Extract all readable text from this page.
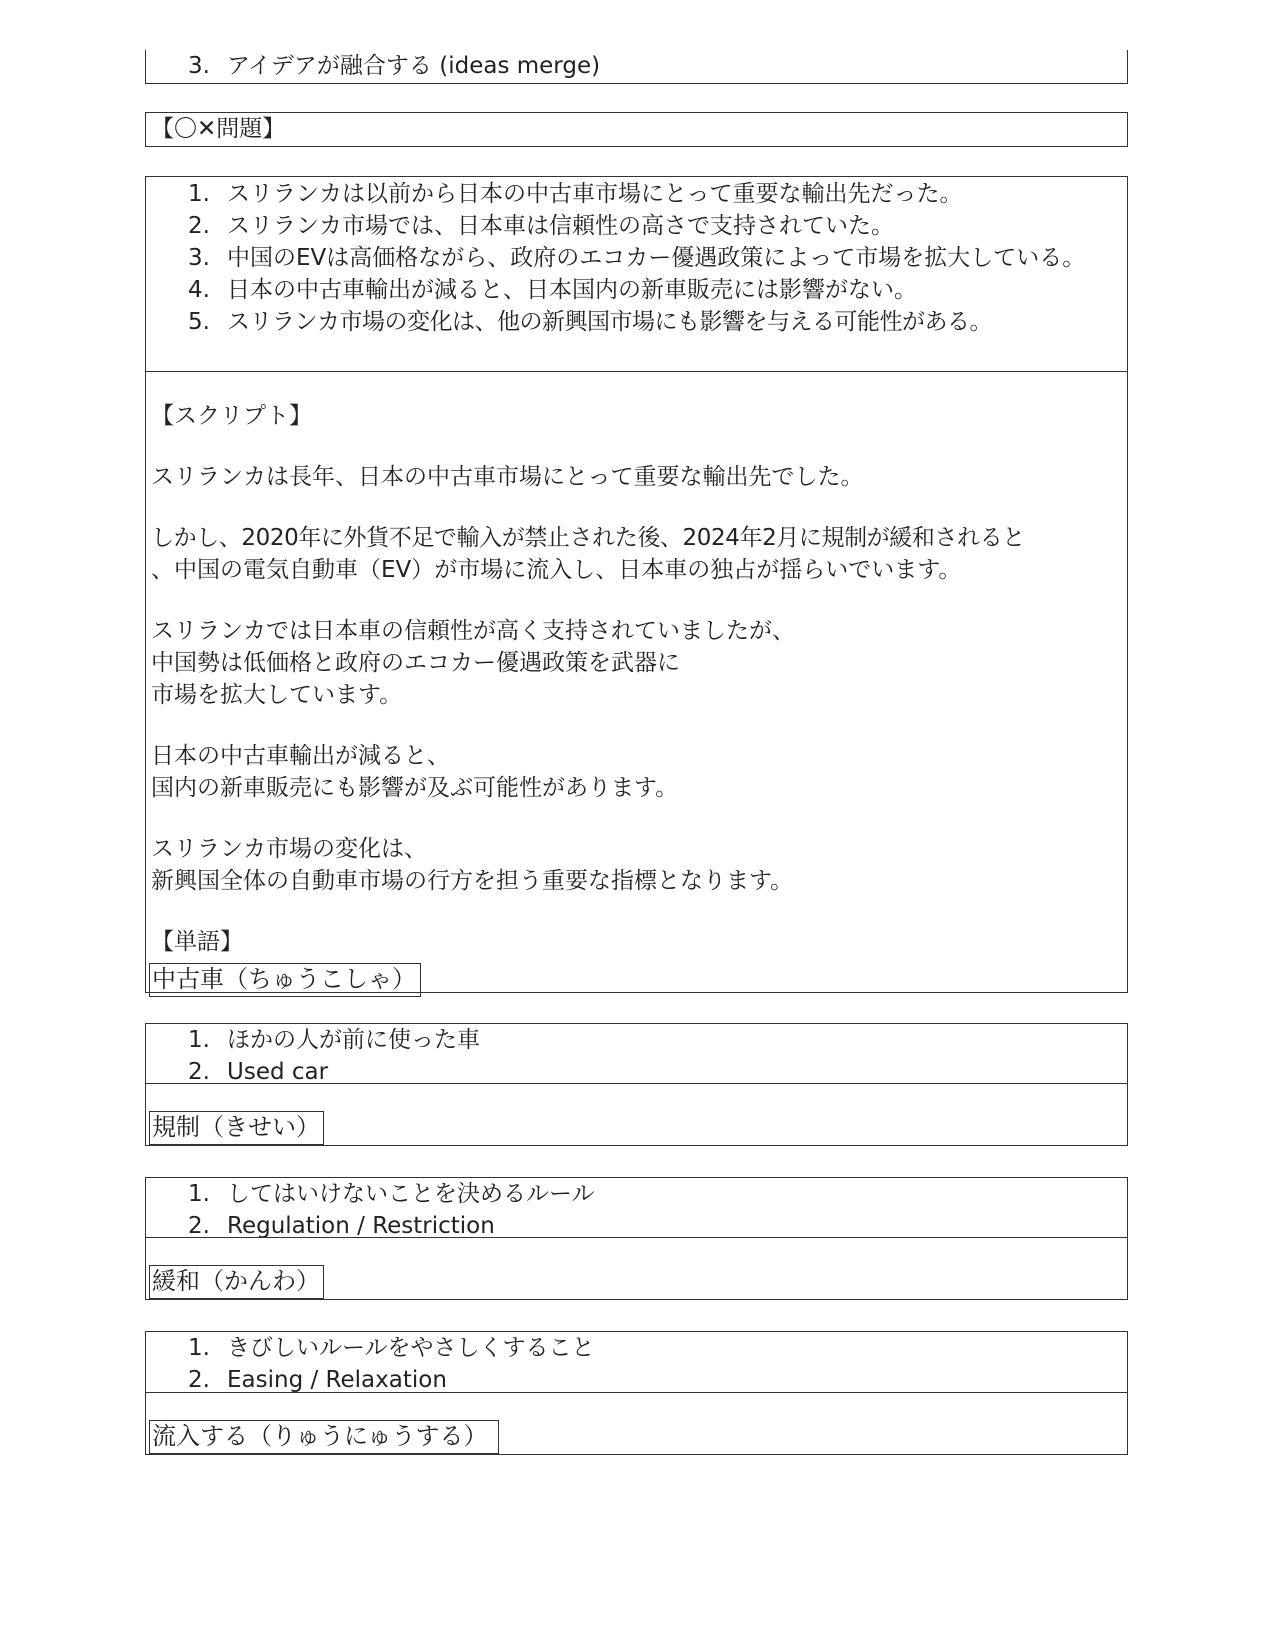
3. アイデアが融合する (ideas merge)
【〇✕問題】
1. スリランカは以前から日本の中古車市場にとって重要な輸出先だった。
2. スリランカ市場では、日本車は信頼性の高さで支持されていた。
3. 中国のEVは高価格ながら、政府のエコカー優遇政策によって市場を拡大している。
4. 日本の中古車輸出が減ると、日本国内の新車販売には影響がない。
5. スリランカ市場の変化は、他の新興国市場にも影響を与える可能性がある。

【スクリプト】

スリランカは長年、日本の中古車市場にとって重要な輸出先でした。

しかし、2020年に外貨不足で輸入が禁止された後、2024年2月に規制が緩和されると

、中国の電気自動車（EV）が市場に流入し、日本車の独占が揺らいでいます。

スリランカでは日本車の信頼性が高く支持されていましたが、

中国勢は低価格と政府のエコカー優遇政策を武器に

市場を拡大しています。

日本の中古車輸出が減ると、

国内の新車販売にも影響が及ぶ可能性があります。

スリランカ市場の変化は、

新興国全体の自動車市場の行方を担う重要な指標となります。

【単語】

中古車（ちゅうこしゃ）
1. ほかの人が前に使った車
2. Used car
規制（きせい）
1. してはいけないことを決めるルール
2. Regulation / Restriction
緩和（かんわ）
1. きびしいルールをやさしくすること
2. Easing / Relaxation
流入する（りゅうにゅうする）
